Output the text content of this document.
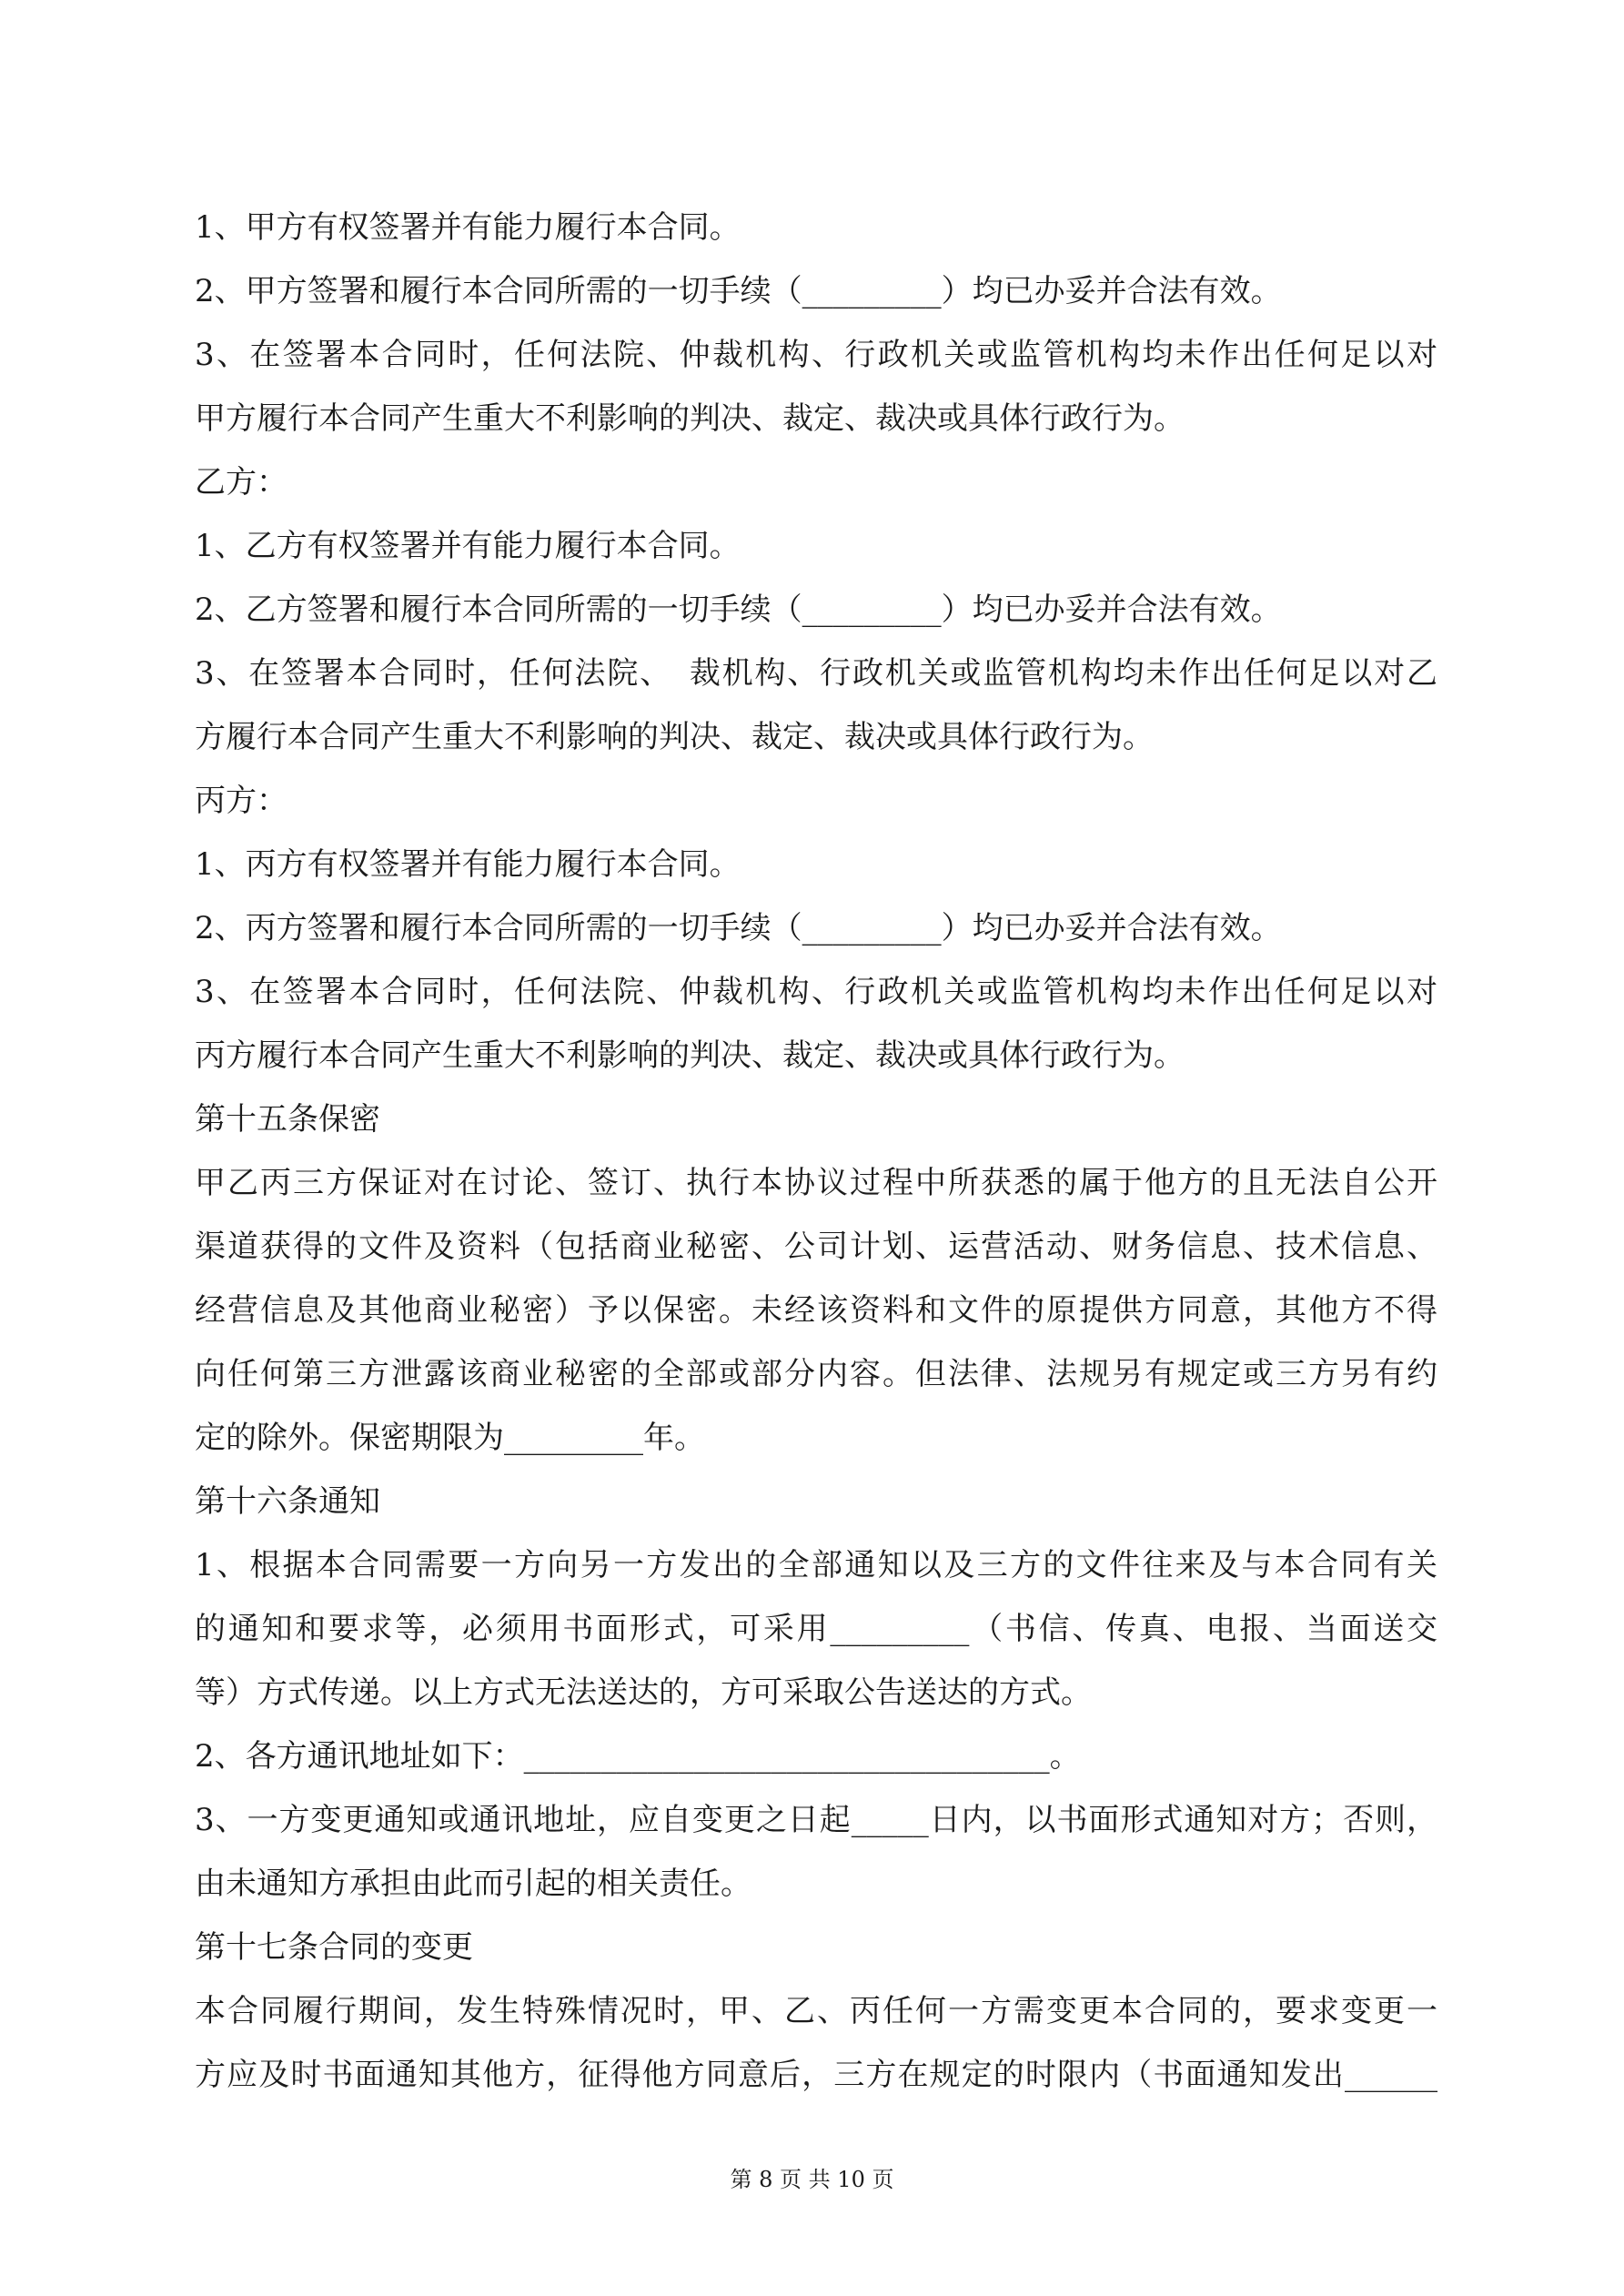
1、甲方有权签署并有能力履行本合同。
2、甲方签署和履行本合同所需的一切手续（_________）均已办妥并合法有效。
3、在签署本合同时，任何法院、仲裁机构、行政机关或监管机构均未作出任何足以对
甲方履行本合同产生重大不利影响的判决、裁定、裁决或具体行政行为。
乙方：
1、乙方有权签署并有能力履行本合同。
2、乙方签署和履行本合同所需的一切手续（_________）均已办妥并合法有效。
3、在签署本合同时，任何法院、　裁机构、行政机关或监管机构均未作出任何足以对乙
方履行本合同产生重大不利影响的判决、裁定、裁决或具体行政行为。
丙方：
1、丙方有权签署并有能力履行本合同。
2、丙方签署和履行本合同所需的一切手续（_________）均已办妥并合法有效。
3、在签署本合同时，任何法院、仲裁机构、行政机关或监管机构均未作出任何足以对
丙方履行本合同产生重大不利影响的判决、裁定、裁决或具体行政行为。
第十五条保密
甲乙丙三方保证对在讨论、签订、执行本协议过程中所获悉的属于他方的且无法自公开
渠道获得的文件及资料（包括商业秘密、公司计划、运营活动、财务信息、技术信息、
经营信息及其他商业秘密）予以保密。未经该资料和文件的原提供方同意，其他方不得
向任何第三方泄露该商业秘密的全部或部分内容。但法律、法规另有规定或三方另有约
定的除外。保密期限为_________年。
第十六条通知
1、根据本合同需要一方向另一方发出的全部通知以及三方的文件往来及与本合同有关
的通知和要求等，必须用书面形式，可采用_________（书信、传真、电报、当面送交
等）方式传递。以上方式无法送达的，方可采取公告送达的方式。
2、各方通讯地址如下：__________________________________。
3、一方变更通知或通讯地址，应自变更之日起_____日内，以书面形式通知对方；否则，
由未通知方承担由此而引起的相关责任。
第十七条合同的变更
本合同履行期间，发生特殊情况时，甲、乙、丙任何一方需变更本合同的，要求变更一
方应及时书面通知其他方，征得他方同意后，三方在规定的时限内（书面通知发出______
第 8 页 共 10 页
